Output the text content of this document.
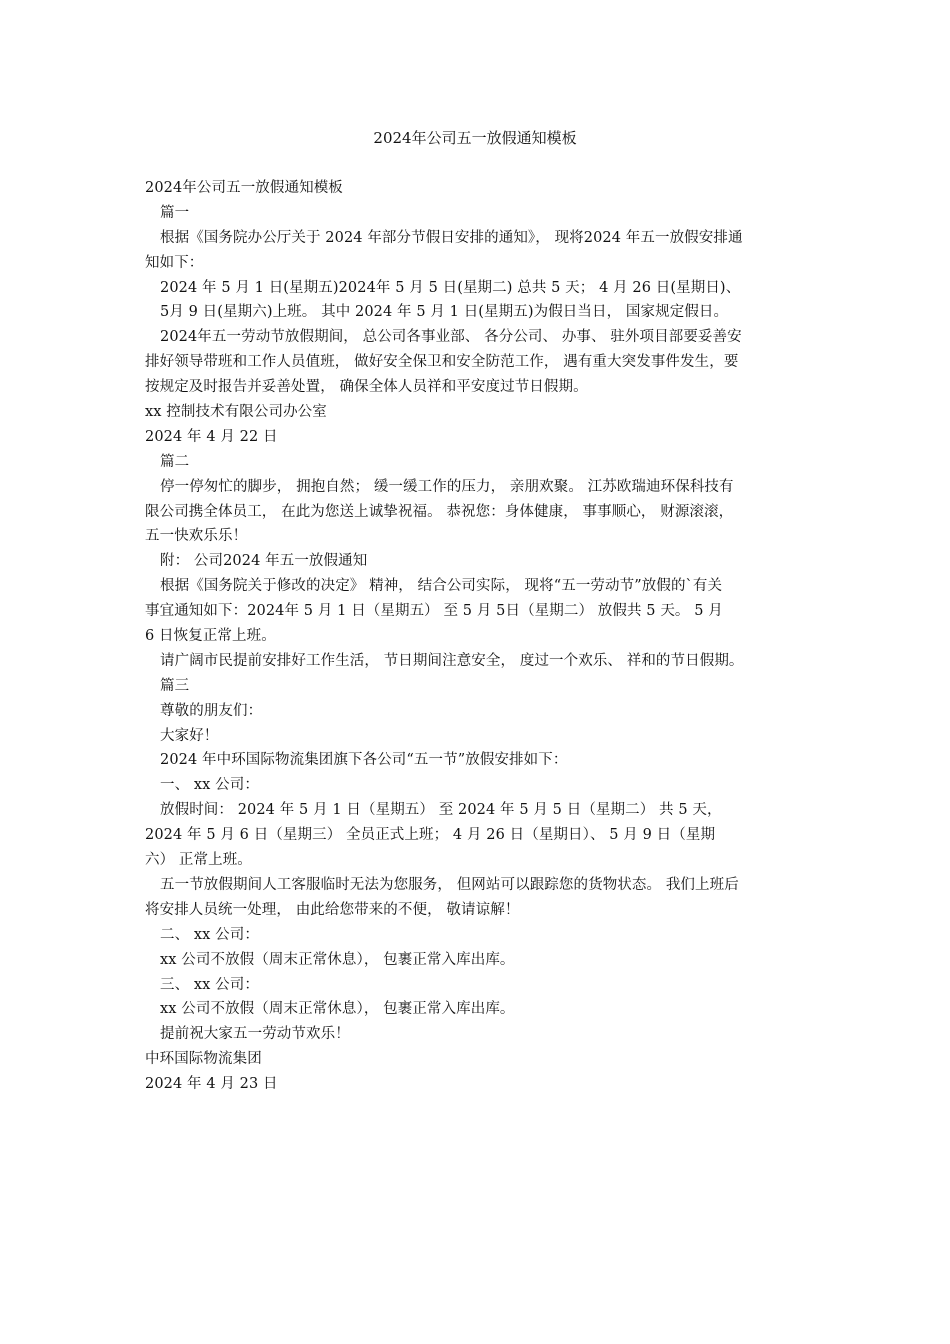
2024年公司五一放假通知模板
2024年公司五一放假通知模板
篇一
根据《国务院办公厅关于 2024 年部分节假日安排的通知》， 现将2024 年五一放假安排通
知如下：
2024 年 5 月 1 日(星期五)2024年 5 月 5 日(星期二) 总共 5 天； 4 月 26 日(星期日)、
5月 9 日(星期六)上班。 其中 2024 年 5 月 1 日(星期五)为假日当日， 国家规定假日。
2024年五一劳动节放假期间， 总公司各事业部、 各分公司、 办事、 驻外项目部要妥善安
排好领导带班和工作人员值班， 做好安全保卫和安全防范工作， 遇有重大突发事件发生，要
按规定及时报告并妥善处置， 确保全体人员祥和平安度过节日假期。
xx 控制技术有限公司办公室
2024 年 4 月 22 日
篇二
停一停匆忙的脚步， 拥抱自然； 缓一缓工作的压力， 亲朋欢聚。 江苏欧瑞迪环保科技有
限公司携全体员工， 在此为您送上诚挚祝福。 恭祝您：身体健康， 事事顺心， 财源滚滚，
五一快欢乐乐！
附： 公司2024 年五一放假通知
根据《国务院关于修改的决定》 精神， 结合公司实际， 现将“五一劳动节”放假的`有关
事宜通知如下：2024年 5 月 1 日（星期五） 至 5 月 5日（星期二） 放假共 5 天。 5 月
6 日恢复正常上班。
请广阔市民提前安排好工作生活， 节日期间注意安全， 度过一个欢乐、 祥和的节日假期。
篇三
尊敬的朋友们：
大家好！
2024 年中环国际物流集团旗下各公司“五一节”放假安排如下：
一、 xx 公司：
放假时间： 2024 年 5 月 1 日（星期五） 至 2024 年 5 月 5 日（星期二） 共 5 天，
2024 年 5 月 6 日（星期三） 全员正式上班； 4 月 26 日（星期日）、 5 月 9 日（星期
六） 正常上班。
五一节放假期间人工客服临时无法为您服务， 但网站可以跟踪您的货物状态。 我们上班后
将安排人员统一处理， 由此给您带来的不便， 敬请谅解！
二、 xx 公司：
xx 公司不放假（周末正常休息）， 包裹正常入库出库。
三、 xx 公司：
xx 公司不放假（周末正常休息）， 包裹正常入库出库。
提前祝大家五一劳动节欢乐！
中环国际物流集团
2024 年 4 月 23 日
